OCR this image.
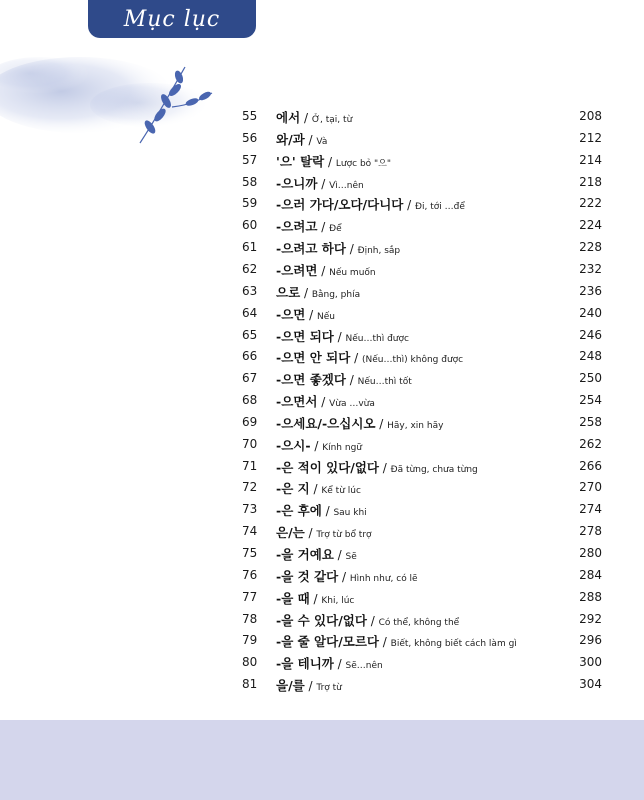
Mục lục
55 에서 / Ở, tại, từ	208
56 와/과 / Và	212
57 '으' 탈락 / Lược bỏ "으"	214
58 -으니까 / Vì…nên	218
59 -으러 가다/오다/다니다 / Đi, tới …để	222
60 -으려고 / Để	224
61 -으려고 하다 / Định, sắp	228
62 -으려면 / Nếu muốn	232
63 으로 / Bằng, phía	236
64 -으면 / Nếu	240
65 -으면 되다 / Nếu…thì được	246
66 -으면 안 되다 / (Nếu…thì) không được	248
67 -으면 좋겠다 / Nếu…thì tốt	250
68 -으면서 / Vừa …vừa	254
69 -으세요/-으십시오 / Hãy, xin hãy	258
70 -으시- / Kính ngữ	262
71 -은 적이 있다/없다 / Đã từng, chưa từng	266
72 -은 지 / Kể từ lúc	270
73 -은 후에 / Sau khi	274
74 은/는 / Trợ từ bổ trợ	278
75 -을 거예요 / Sẽ	280
76 -을 것 같다 / Hình như, có lẽ	284
77 -을 때 / Khi, lúc	288
78 -을 수 있다/없다 / Có thể, không thể	292
79 -을 줄 알다/모르다 / Biết, không biết cách làm gì	296
80 -을 테니까 / Sẽ…nên	300
81 을/를 / Trợ từ	304
